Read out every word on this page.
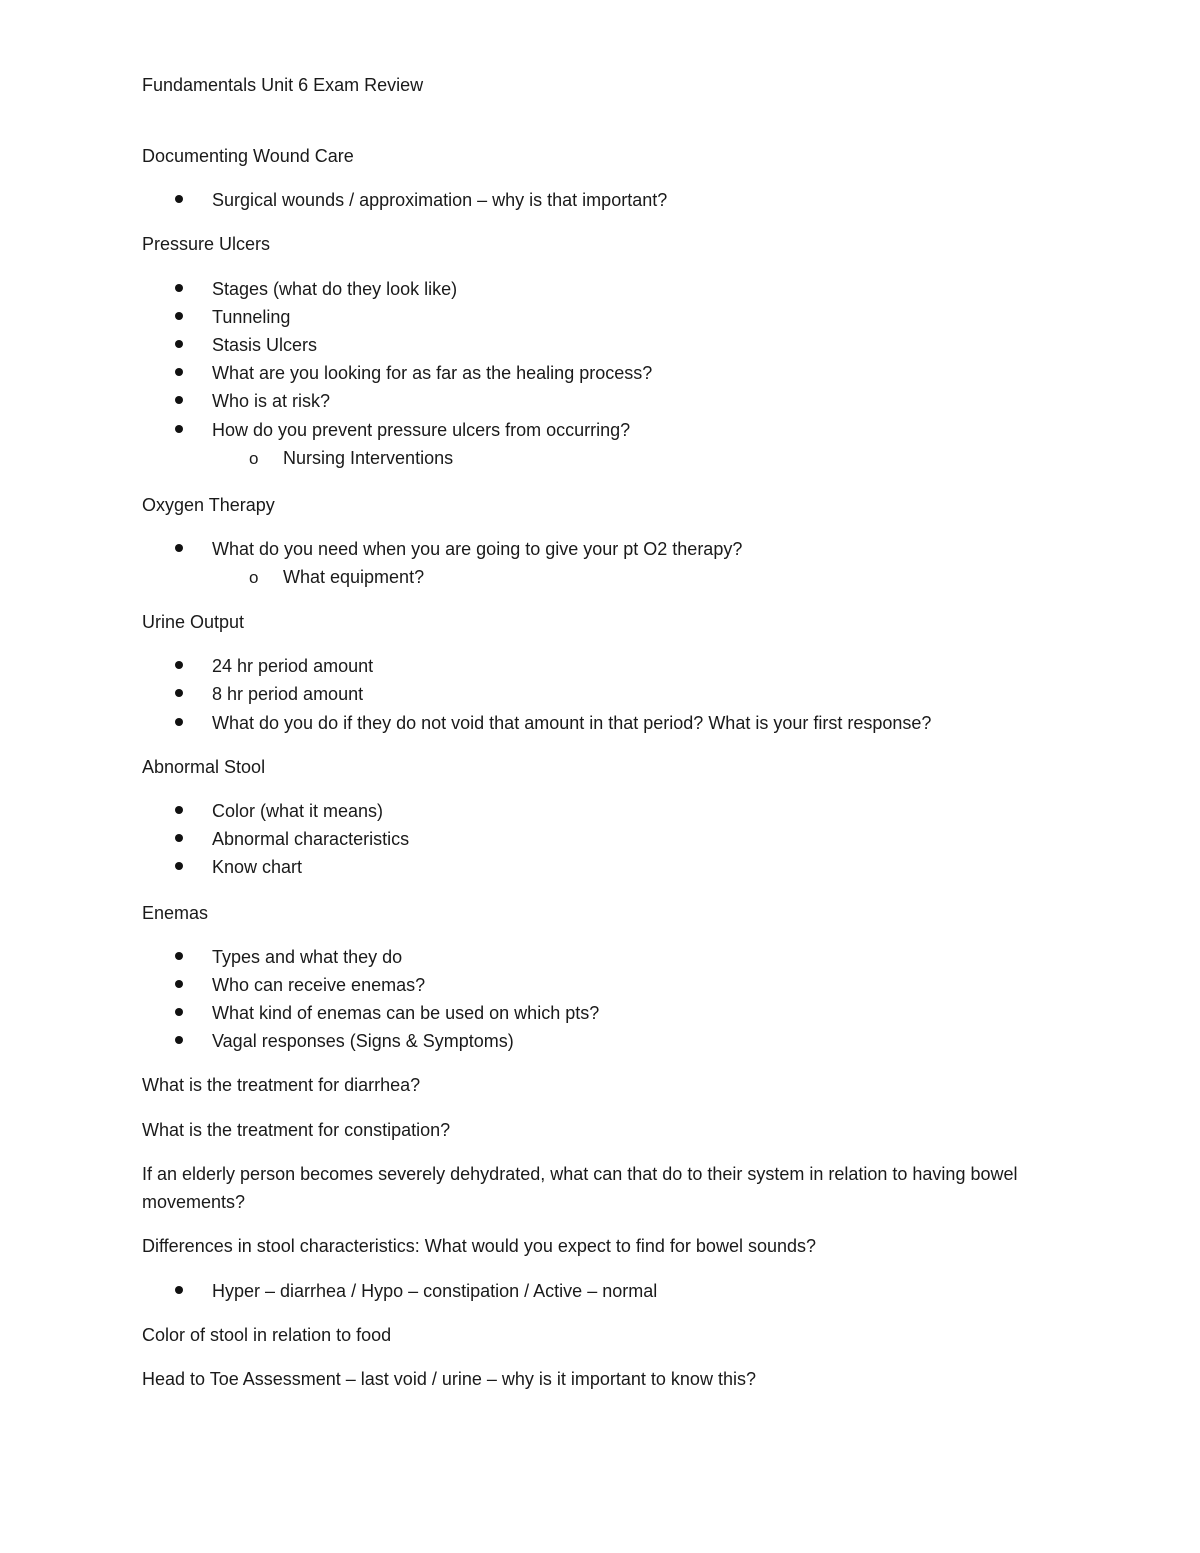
Fundamentals Unit 6 Exam Review
Documenting Wound Care
Surgical wounds / approximation – why is that important?
Pressure Ulcers
Stages (what do they look like)
Tunneling
Stasis Ulcers
What are you looking for as far as the healing process?
Who is at risk?
How do you prevent pressure ulcers from occurring?
o Nursing Interventions
Oxygen Therapy
What do you need when you are going to give your pt O2 therapy?
o What equipment?
Urine Output
24 hr period amount
8 hr period amount
What do you do if they do not void that amount in that period? What is your first response?
Abnormal Stool
Color (what it means)
Abnormal characteristics
Know chart
Enemas
Types and what they do
Who can receive enemas?
What kind of enemas can be used on which pts?
Vagal responses (Signs & Symptoms)
What is the treatment for diarrhea?
What is the treatment for constipation?
If an elderly person becomes severely dehydrated, what can that do to their system in relation to having bowel movements?
Differences in stool characteristics: What would you expect to find for bowel sounds?
Hyper – diarrhea / Hypo – constipation / Active – normal
Color of stool in relation to food
Head to Toe Assessment – last void / urine – why is it important to know this?
